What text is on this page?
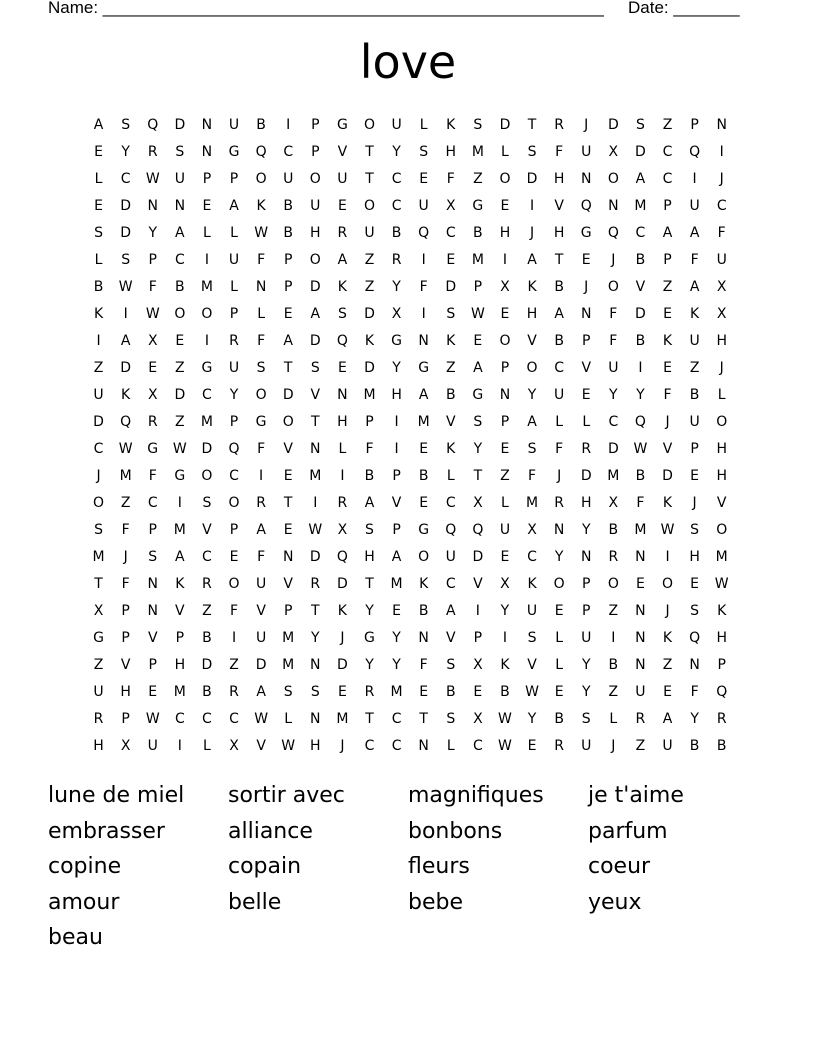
Name: _____________________________________________________ Date: _______
love
A	S	Q	D	N	U	B	I	P	G	O	U	L	K	S	D	T	R	J	D	S	Z	P	N
E	Y	R	S	N	G	Q	C	P	V	T	Y	S	H	M	L	S	F	U	X	D	C	Q	I
L	C	W	U	P	P	O	U	O	U	T	C	E	F	Z	O	D	H	N	O	A	C	I	J
E	D	N	N	E	A	K	B	U	E	O	C	U	X	G	E	I	V	Q	N	M	P	U	C
S	D	Y	A	L	L	W	B	H	R	U	B	Q	C	B	H	J	H	G	Q	C	A	A	F
L	S	P	C	I	U	F	P	O	A	Z	R	I	E	M	I	A	T	E	J	B	P	F	U
B	W	F	B	M	L	N	P	D	K	Z	Y	F	D	P	X	K	B	J	O	V	Z	A	X
K	I	W	O	O	P	L	E	A	S	D	X	I	S	W	E	H	A	N	F	D	E	K	X
I	A	X	E	I	R	F	A	D	Q	K	G	N	K	E	O	V	B	P	F	B	K	U	H
Z	D	E	Z	G	U	S	T	S	E	D	Y	G	Z	A	P	O	C	V	U	I	E	Z	J
U	K	X	D	C	Y	O	D	V	N	M	H	A	B	G	N	Y	U	E	Y	Y	F	B	L
D	Q	R	Z	M	P	G	O	T	H	P	I	M	V	S	P	A	L	L	C	Q	J	U	O
C	W	G	W	D	Q	F	V	N	L	F	I	E	K	Y	E	S	F	R	D	W	V	P	H
J	M	F	G	O	C	I	E	M	I	B	P	B	L	T	Z	F	J	D	M	B	D	E	H
O	Z	C	I	S	O	R	T	I	R	A	V	E	C	X	L	M	R	H	X	F	K	J	V
S	F	P	M	V	P	A	E	W	X	S	P	G	Q	Q	U	X	N	Y	B	M	W	S	O
M	J	S	A	C	E	F	N	D	Q	H	A	O	U	D	E	C	Y	N	R	N	I	H	M
T	F	N	K	R	O	U	V	R	D	T	M	K	C	V	X	K	O	P	O	E	O	E	W
X	P	N	V	Z	F	V	P	T	K	Y	E	B	A	I	Y	U	E	P	Z	N	J	S	K
G	P	V	P	B	I	U	M	Y	J	G	Y	N	V	P	I	S	L	U	I	N	K	Q	H
Z	V	P	H	D	Z	D	M	N	D	Y	Y	F	S	X	K	V	L	Y	B	N	Z	N	P
U	H	E	M	B	R	A	S	S	E	R	M	E	B	E	B	W	E	Y	Z	U	E	F	Q
R	P	W	C	C	C	W	L	N	M	T	C	T	S	X	W	Y	B	S	L	R	A	Y	R
H	X	U	I	L	X	V	W	H	J	C	C	N	L	C	W	E	R	U	J	Z	U	B	B
lune de miel	sortir avec	magnifiques	je t'aime
embrasser	alliance	bonbons	parfum
copine	copain	fleurs	coeur
amour	belle	bebe	yeux
beau
